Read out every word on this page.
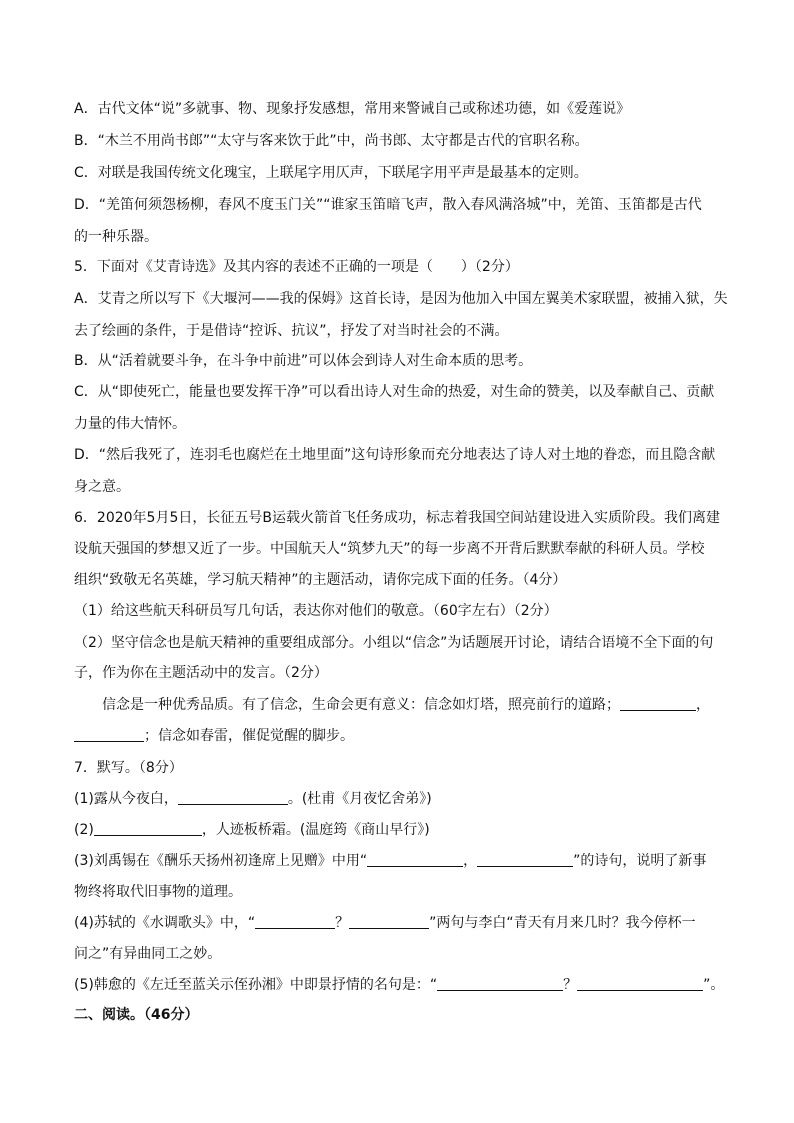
A．古代文体“说”多就事、物、现象抒发感想，常用来警诫自己或称述功德，如《爱莲说》
B．“木兰不用尚书郎”“太守与客来饮于此”中，尚书郎、太守都是古代的官职名称。
C．对联是我国传统文化瑰宝，上联尾字用仄声，下联尾字用平声是最基本的定则。
D．“羌笛何须怨杨柳，春风不度玉门关”“谁家玉笛暗飞声，散入春风满洛城”中，羌笛、玉笛都是古代
的一种乐器。
5．下面对《艾青诗选》及其内容的表述不正确的一项是（　　）（2分）
A．艾青之所以写下《大堰河——我的保姆》这首长诗，是因为他加入中国左翼美术家联盟，被捕入狱，失
去了绘画的条件，于是借诗“控诉、抗议”，抒发了对当时社会的不满。
B．从“活着就要斗争，在斗争中前进”可以体会到诗人对生命本质的思考。
C．从“即使死亡，能量也要发挥干净”可以看出诗人对生命的热爱，对生命的赞美，以及奉献自己、贡献
力量的伟大情怀。
D．“然后我死了，连羽毛也腐烂在土地里面”这句诗形象而充分地表达了诗人对土地的眷恋，而且隐含献
身之意。
6．2020年5月5日，长征五号B运载火箭首飞任务成功，标志着我国空间站建设进入实质阶段。我们离建
设航天强国的梦想又近了一步。中国航天人“筑梦九天”的每一步离不开背后默默奉献的科研人员。学校
组织“致敬无名英雄，学习航天精神”的主题活动，请你完成下面的任务。（4分）
（1）给这些航天科研员写几句话，表达你对他们的敬意。（60字左右）（2分）
（2）坚守信念也是航天精神的重要组成部分。小组以“信念”为话题展开讨论，请结合语境不全下面的句
子，作为你在主题活动中的发言。（2分）
信念是一种优秀品质。有了信念，生命会更有意义：信念如灯塔，照亮前行的道路；	，
；信念如春雷，催促觉醒的脚步。
7．默写。（8分）
(1)露从今夜白，	。(杜甫《月夜忆舍弟》)
(2)	，人迹板桥霜。(温庭筠《商山早行》)
(3)刘禹锡在《酬乐天扬州初逢席上见赠》中用“	，	”的诗句，说明了新事
物终将取代旧事物的道理。
(4)苏轼的《水调歌头》中，“	？	”两句与李白“青天有月来几时？我今停杯一
问之”有异曲同工之妙。
(5)韩愈的《左迁至蓝关示侄孙湘》中即景抒情的名句是：“	？	”。
二、阅读。（46分）
